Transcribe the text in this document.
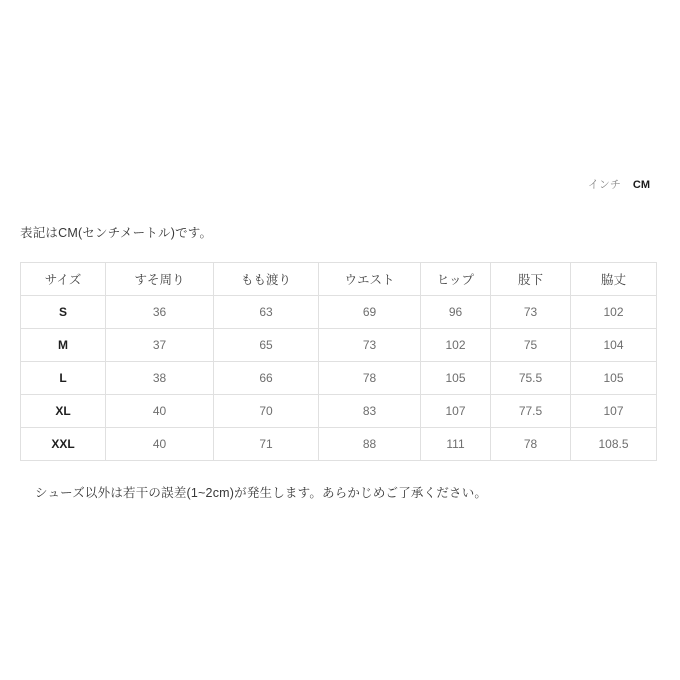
インチ CM
表記はCM(センチメートル)です。
サイズ	すそ周り	もも渡り	ウエスト	ヒップ	股下	脇丈
S	36	63	69	96	73	102
M	37	65	73	102	75	104
L	38	66	78	105	75.5	105
XL	40	70	83	107	77.5	107
XXL	40	71	88	111	78	108.5
シューズ以外は若干の誤差(1~2cm)が発生します。あらかじめご了承ください。
